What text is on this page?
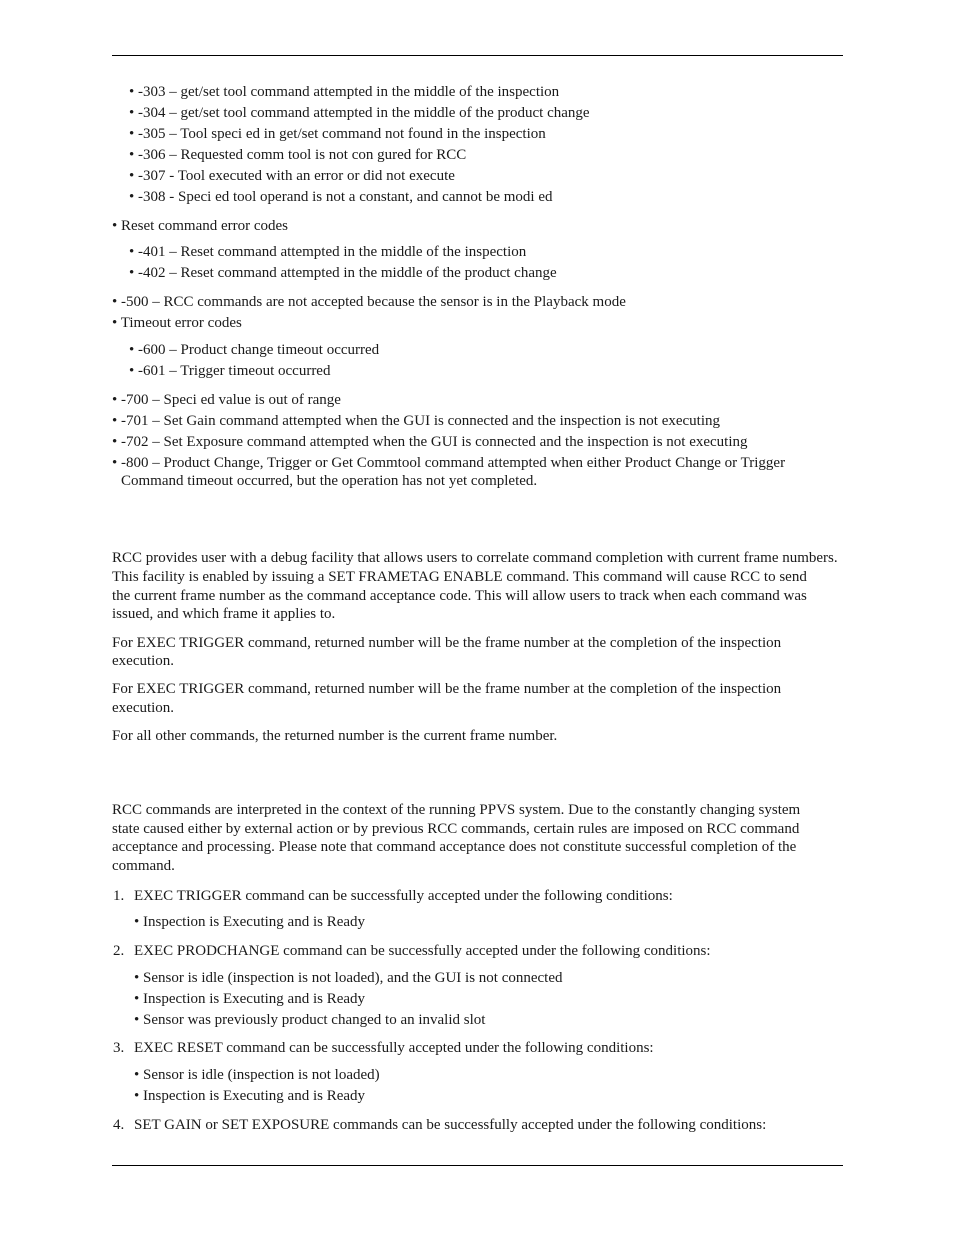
• -303 – get/set tool command attempted in the middle of the inspection
• -304 – get/set tool command attempted in the middle of the product change
• -305 – Tool speci ed in get/set command not found in the inspection
• -306 – Requested comm tool is not con gured for RCC
• -307 - Tool executed with an error or did not execute
• -308 - Speci ed tool operand is not a constant, and cannot be modi ed
• Reset command error codes
• -401 – Reset command attempted in the middle of the inspection
• -402 – Reset command attempted in the middle of the product change
• -500 – RCC commands are not accepted because the sensor is in the Playback mode
• Timeout error codes
• -600 – Product change timeout occurred
• -601 – Trigger timeout occurred
• -700 – Speci ed value is out of range
• -701 – Set Gain command attempted when the GUI is connected and the inspection is not executing
• -702 – Set Exposure command attempted when the GUI is connected and the inspection is not executing
• -800 – Product Change, Trigger or Get Commtool command attempted when either Product Change or Trigger
Command timeout occurred, but the operation has not yet completed.
RCC provides user with a debug facility that allows users to correlate command completion with current frame numbers.
This facility is enabled by issuing a SET FRAMETAG ENABLE command. This command will cause RCC to send
the current frame number as the command acceptance code. This will allow users to track when each command was
issued, and which frame it applies to.
For EXEC TRIGGER command, returned number will be the frame number at the completion of the inspection
execution.
For EXEC TRIGGER command, returned number will be the frame number at the completion of the inspection
execution.
For all other commands, the returned number is the current frame number.
RCC commands are interpreted in the context of the running PPVS system. Due to the constantly changing system
state caused either by external action or by previous RCC commands, certain rules are imposed on RCC command
acceptance and processing. Please note that command acceptance does not constitute successful completion of the
command.
1. EXEC TRIGGER command can be successfully accepted under the following conditions:
• Inspection is Executing and is Ready
2. EXEC PRODCHANGE command can be successfully accepted under the following conditions:
• Sensor is idle (inspection is not loaded), and the GUI is not connected
• Inspection is Executing and is Ready
• Sensor was previously product changed to an invalid slot
3. EXEC RESET command can be successfully accepted under the following conditions:
• Sensor is idle (inspection is not loaded)
• Inspection is Executing and is Ready
4. SET GAIN or SET EXPOSURE commands can be successfully accepted under the following conditions:
